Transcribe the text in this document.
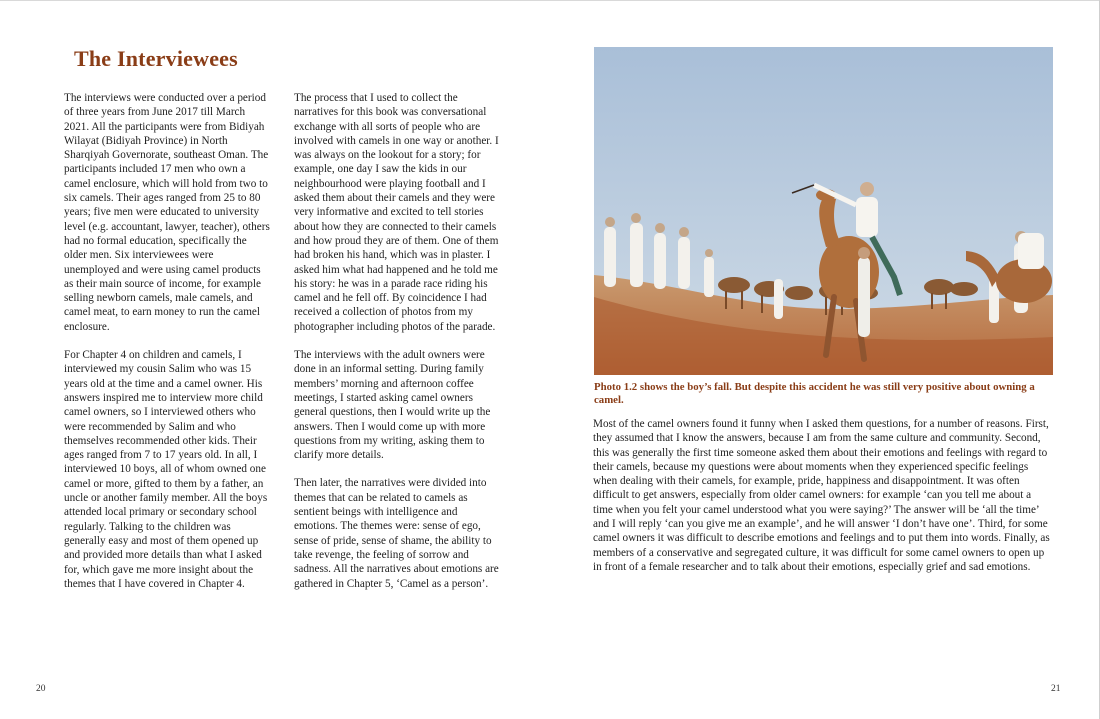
The Interviewees

The interviews were conducted over a period of three years from June 2017 till March 2021. All the participants were from Bidiyah Wilayat (Bidiyah Province) in North Sharqiyah Governorate, southeast Oman. The participants included 17 men who own a camel enclosure, which will hold from two to six camels. Their ages ranged from 25 to 80 years; five men were educated to university level (e.g. accountant, lawyer, teacher), others had no formal education, specifically the older men. Six interviewees were unemployed and were using camel products as their main source of income, for example selling newborn camels, male camels, and camel meat, to earn money to run the camel enclosure.

For Chapter 4 on children and camels, I interviewed my cousin Salim who was 15 years old at the time and a camel owner. His answers inspired me to interview more child camel owners, so I interviewed others who were recommended by Salim and who themselves recommended other kids. Their ages ranged from 7 to 17 years old. In all, I interviewed 10 boys, all of whom owned one camel or more, gifted to them by a father, an uncle or another family member. All the boys attended local primary or secondary school regularly. Talking to the children was generally easy and most of them opened up and provided more details than what I asked for, which gave me more insight about the themes that I have covered in Chapter 4.

The process that I used to collect the narratives for this book was conversational exchange with all sorts of people who are involved with camels in one way or another. I was always on the lookout for a story; for example, one day I saw the kids in our neighbourhood were playing football and I asked them about their camels and they were very informative and excited to tell stories about how they are connected to their camels and how proud they are of them. One of them had broken his hand, which was in plaster. I asked him what had happened and he told me his story: he was in a parade race riding his camel and he fell off. By coincidence I had received a collection of photos from my photographer including photos of the parade.

The interviews with the adult owners were done in an informal setting. During family members’ morning and afternoon coffee meetings, I started asking camel owners general questions, then I would write up the answers. Then I would come up with more questions from my writing, asking them to clarify more details.

Then later, the narratives were divided into themes that can be related to camels as sentient beings with intelligence and emotions. The themes were: sense of ego, sense of pride, sense of shame, the ability to take revenge, the feeling of sorrow and sadness. All the narratives about emotions are gathered in Chapter 5, ‘Camel as a person’.

Photo 1.2 shows the boy’s fall. But despite this accident he was still very positive about owning a camel.

Most of the camel owners found it funny when I asked them questions, for a number of reasons. First, they assumed that I know the answers, because I am from the same culture and community. Second, this was generally the first time someone asked them about their emotions and feelings with regard to their camels, because my questions were about moments when they experienced specific feelings when dealing with their camels, for example, pride, happiness and disappointment. It was often difficult to get answers, especially from older camel owners: for example ‘can you tell me about a time when you felt your camel understood what you were saying?’ The answer will be ‘all the time’ and I will reply ‘can you give me an example’, and he will answer ‘I don’t have one’. Third, for some camel owners it was difficult to describe emotions and feelings and to put them into words. Finally, as members of a conservative and segregated culture, it was difficult for some camel owners to open up in front of a female researcher and to talk about their emotions, especially grief and sad emotions.

20	21
